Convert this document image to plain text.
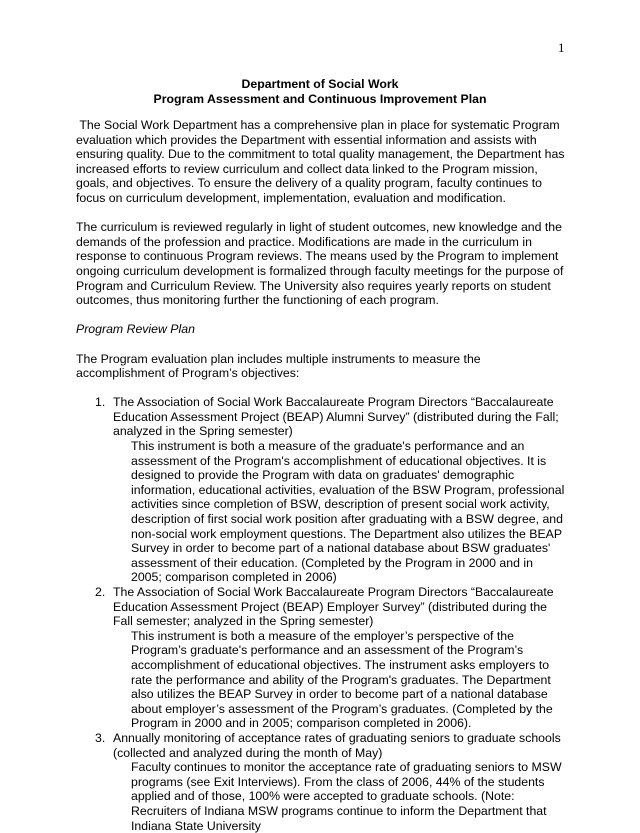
1
Department of Social Work
Program Assessment and Continuous Improvement Plan

The Social Work Department has a comprehensive plan in place for systematic Program evaluation which provides the Department with essential information and assists with ensuring quality. Due to the commitment to total quality management, the Department has increased efforts to review curriculum and collect data linked to the Program mission, goals, and objectives. To ensure the delivery of a quality program, faculty continues to focus on curriculum development, implementation, evaluation and modification.

The curriculum is reviewed regularly in light of student outcomes, new knowledge and the demands of the profession and practice. Modifications are made in the curriculum in response to continuous Program reviews. The means used by the Program to implement ongoing curriculum development is formalized through faculty meetings for the purpose of Program and Curriculum Review. The University also requires yearly reports on student outcomes, thus monitoring further the functioning of each program.

Program Review Plan

The Program evaluation plan includes multiple instruments to measure the accomplishment of Program’s objectives:

1. The Association of Social Work Baccalaureate Program Directors “Baccalaureate Education Assessment Project (BEAP) Alumni Survey” (distributed during the Fall; analyzed in the Spring semester)
This instrument is both a measure of the graduate's performance and an assessment of the Program's accomplishment of educational objectives. It is designed to provide the Program with data on graduates' demographic information, educational activities, evaluation of the BSW Program, professional activities since completion of BSW, description of present social work activity, description of first social work position after graduating with a BSW degree, and non-social work employment questions. The Department also utilizes the BEAP Survey in order to become part of a national database about BSW graduates' assessment of their education. (Completed by the Program in 2000 and in 2005; comparison completed in 2006)
2. The Association of Social Work Baccalaureate Program Directors “Baccalaureate Education Assessment Project (BEAP) Employer Survey” (distributed during the Fall semester; analyzed in the Spring semester)
This instrument is both a measure of the employer’s perspective of the Program’s graduate's performance and an assessment of the Program’s accomplishment of educational objectives. The instrument asks employers to rate the performance and ability of the Program's graduates. The Department also utilizes the BEAP Survey in order to become part of a national database about employer’s assessment of the Program’s graduates. (Completed by the Program in 2000 and in 2005; comparison completed in 2006).
3. Annually monitoring of acceptance rates of graduating seniors to graduate schools (collected and analyzed during the month of May)
Faculty continues to monitor the acceptance rate of graduating seniors to MSW programs (see Exit Interviews). From the class of 2006, 44% of the students applied and of those, 100% were accepted to graduate schools. (Note: Recruiters of Indiana MSW programs continue to inform the Department that Indiana State University
